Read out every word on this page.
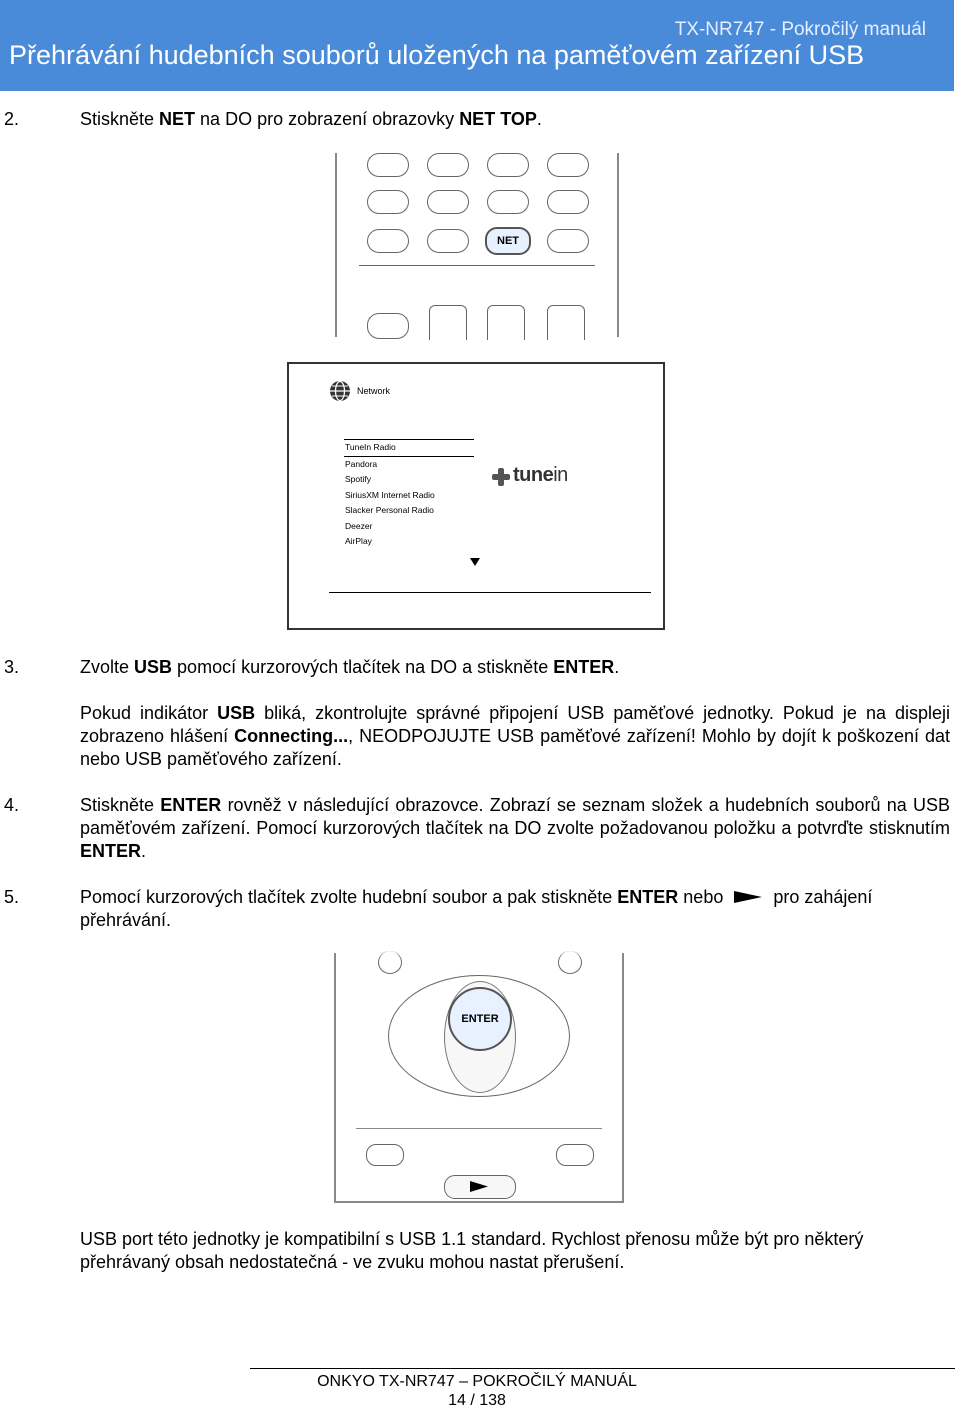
TX-NR747 - Pokročilý manuál
Přehrávání hudebních souborů uložených na paměťovém zařízení USB
2.	Stiskněte NET na DO pro zobrazení obrazovky NET TOP.
NET
Network
TuneIn Radio
Pandora
Spotify
SiriusXM Internet Radio
Slacker Personal Radio
Deezer
AirPlay
tunein
3.	Zvolte USB pomocí kurzorových tlačítek na DO a stiskněte ENTER.
Pokud indikátor USB bliká, zkontrolujte správné připojení USB paměťové jednotky. Pokud je na displeji zobrazeno hlášení Connecting..., NEODPOJUJTE USB paměťové zařízení! Mohlo by dojít k poškození dat nebo USB paměťového zařízení.
4.	Stiskněte ENTER rovněž v následující obrazovce. Zobrazí se seznam složek a hudebních souborů na USB paměťovém zařízení. Pomocí kurzorových tlačítek na DO zvolte požadovanou položku a potvrďte stisknutím ENTER.
5.	Pomocí kurzorových tlačítek zvolte hudební soubor a pak stiskněte ENTER nebo  pro zahájení přehrávání.
ENTER
USB port této jednotky je kompatibilní s USB 1.1 standard. Rychlost přenosu může být pro některý přehrávaný obsah nedostatečná - ve zvuku mohou nastat přerušení.
ONKYO TX-NR747 – POKROČILÝ MANUÁL
14 / 138
